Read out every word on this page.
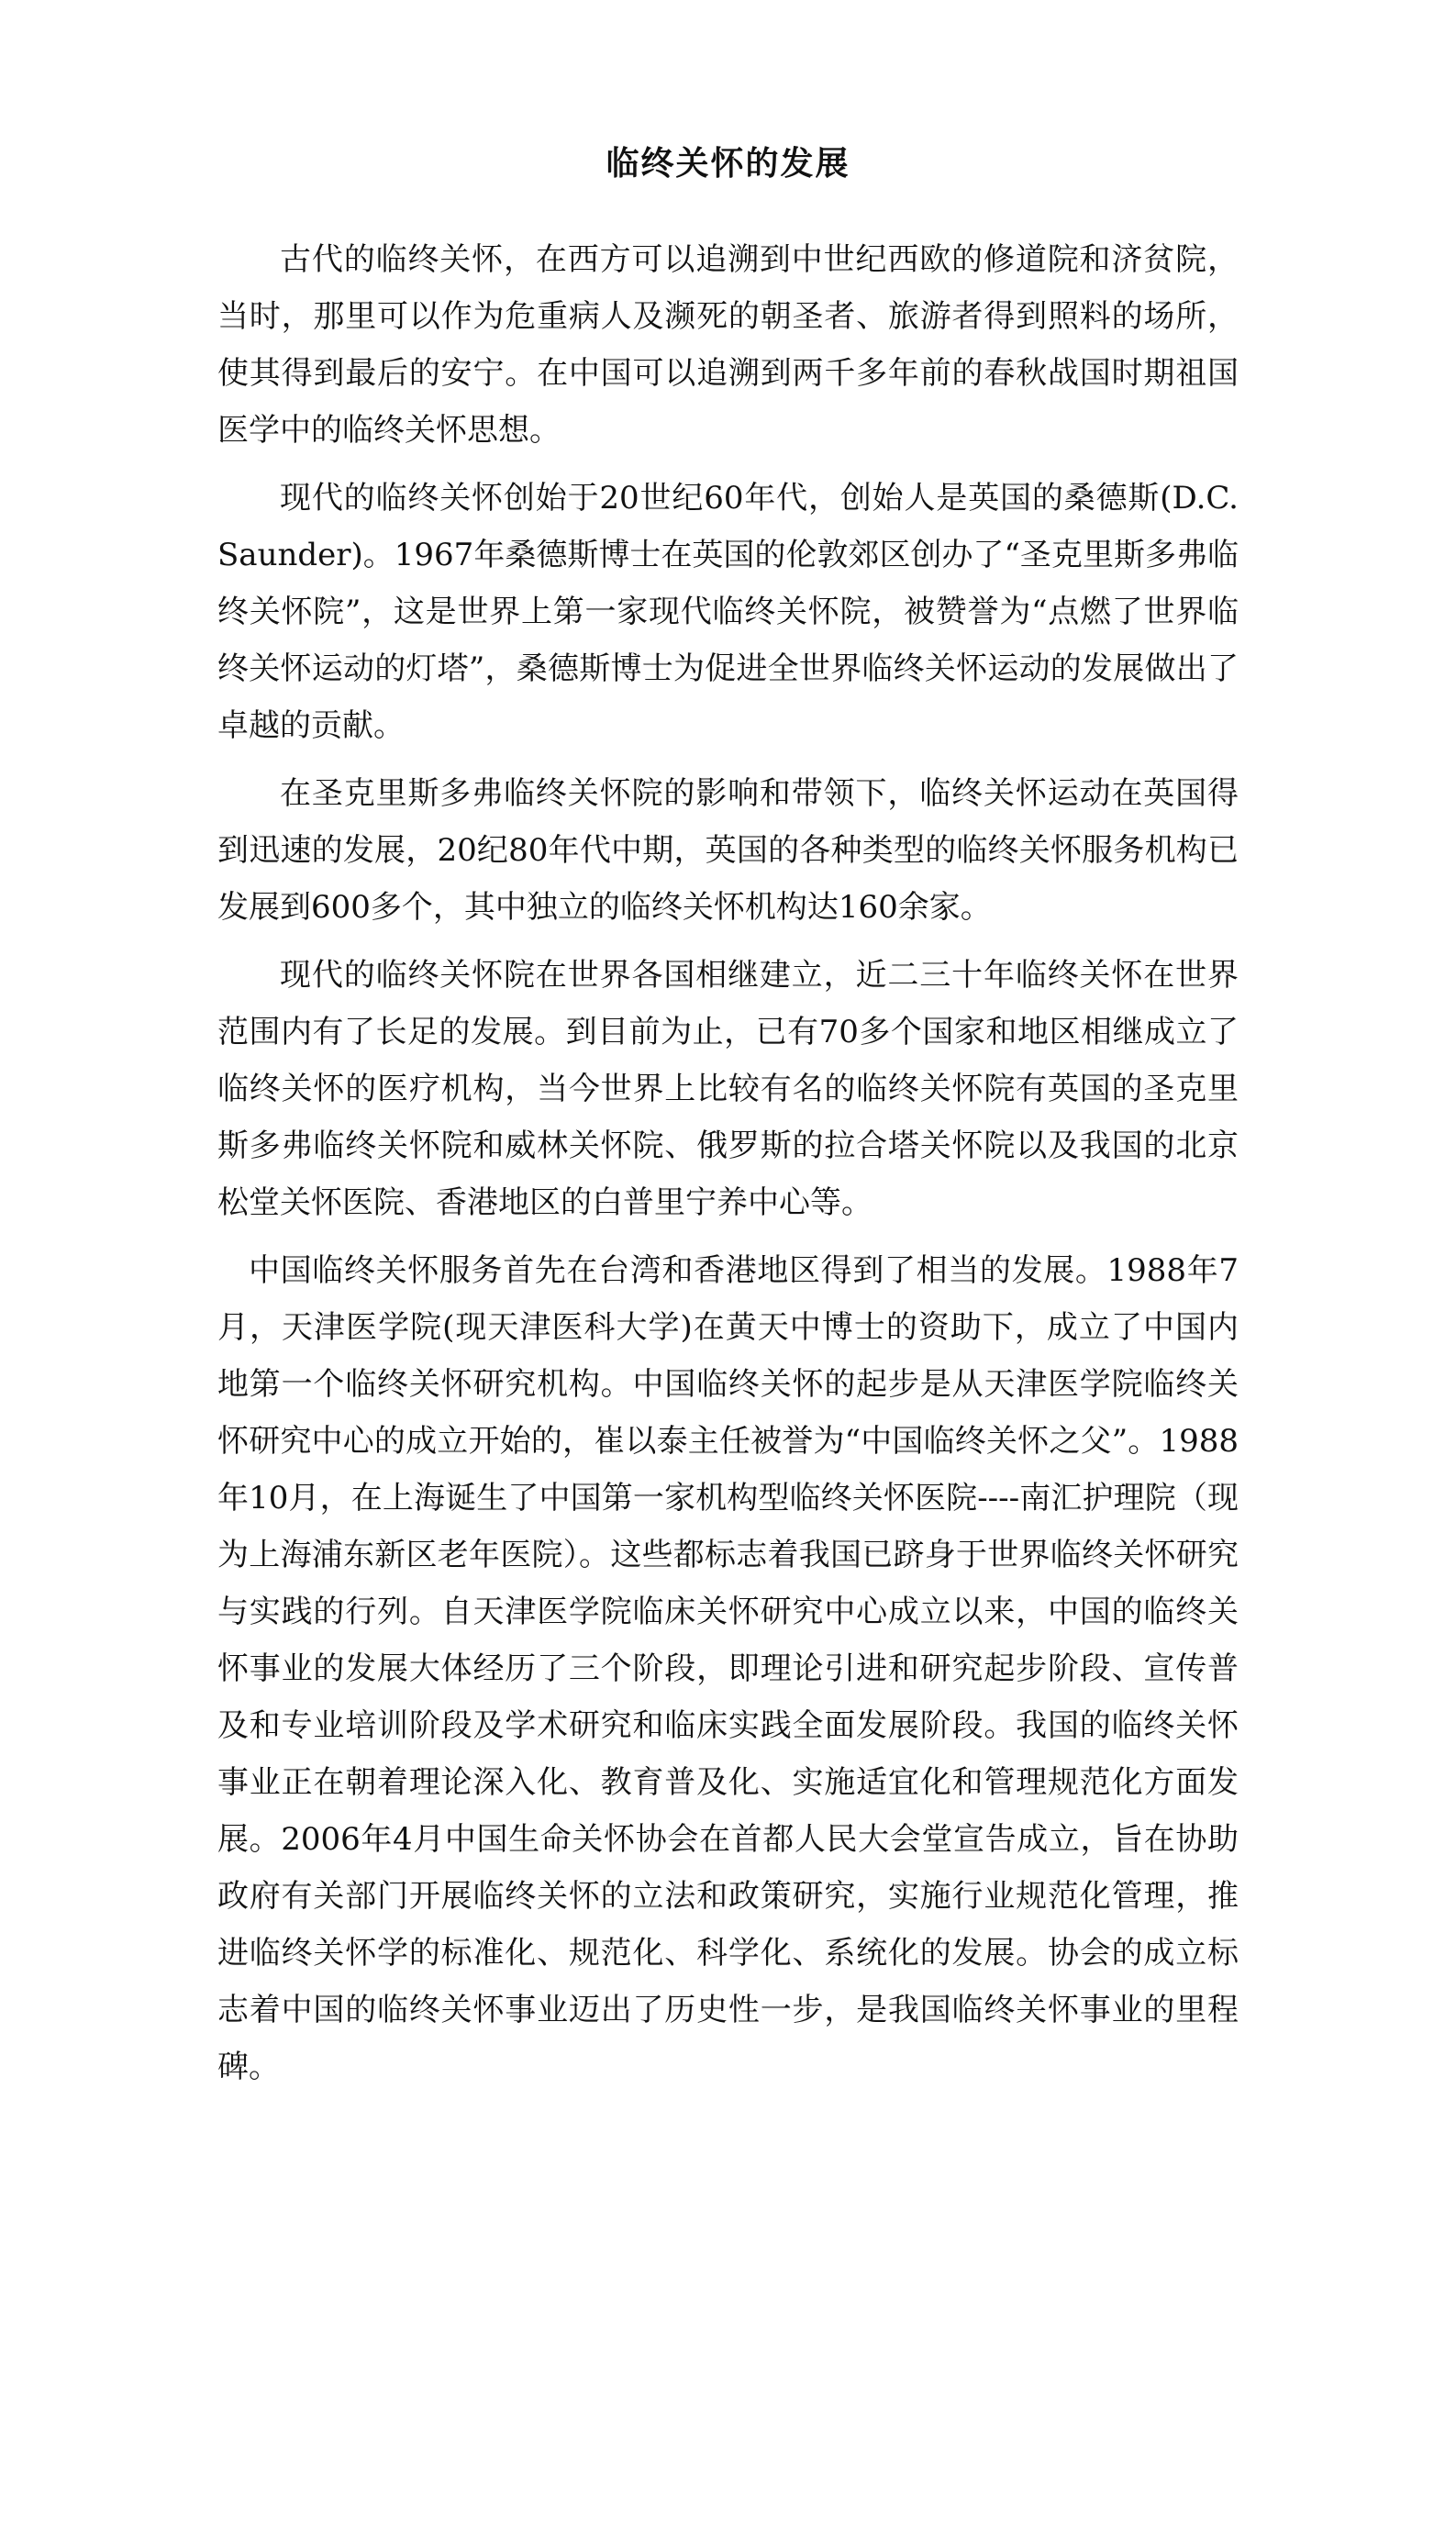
临终关怀的发展

古代的临终关怀，在西方可以追溯到中世纪西欧的修道院和济贫院，当时，那里可以作为危重病人及濒死的朝圣者、旅游者得到照料的场所，使其得到最后的安宁。在中国可以追溯到两千多年前的春秋战国时期祖国医学中的临终关怀思想。

现代的临终关怀创始于20世纪60年代，创始人是英国的桑德斯(D.C.Saunder)。1967年桑德斯博士在英国的伦敦郊区创办了“圣克里斯多弗临终关怀院”，这是世界上第一家现代临终关怀院，被赞誉为“点燃了世界临终关怀运动的灯塔”，桑德斯博士为促进全世界临终关怀运动的发展做出了卓越的贡献。

在圣克里斯多弗临终关怀院的影响和带领下，临终关怀运动在英国得到迅速的发展，20纪80年代中期，英国的各种类型的临终关怀服务机构已发展到600多个，其中独立的临终关怀机构达160余家。

现代的临终关怀院在世界各国相继建立，近二三十年临终关怀在世界范围内有了长足的发展。到目前为止，已有70多个国家和地区相继成立了临终关怀的医疗机构，当今世界上比较有名的临终关怀院有英国的圣克里斯多弗临终关怀院和威林关怀院、俄罗斯的拉合塔关怀院以及我国的北京松堂关怀医院、香港地区的白普里宁养中心等。

中国临终关怀服务首先在台湾和香港地区得到了相当的发展。1988年7月，天津医学院(现天津医科大学)在黄天中博士的资助下，成立了中国内地第一个临终关怀研究机构。中国临终关怀的起步是从天津医学院临终关怀研究中心的成立开始的，崔以泰主任被誉为“中国临终关怀之父”。1988年10月，在上海诞生了中国第一家机构型临终关怀医院----南汇护理院（现为上海浦东新区老年医院）。这些都标志着我国已跻身于世界临终关怀研究与实践的行列。自天津医学院临床关怀研究中心成立以来，中国的临终关怀事业的发展大体经历了三个阶段，即理论引进和研究起步阶段、宣传普及和专业培训阶段及学术研究和临床实践全面发展阶段。我国的临终关怀事业正在朝着理论深入化、教育普及化、实施适宜化和管理规范化方面发展。2006年4月中国生命关怀协会在首都人民大会堂宣告成立，旨在协助政府有关部门开展临终关怀的立法和政策研究，实施行业规范化管理，推进临终关怀学的标准化、规范化、科学化、系统化的发展。协会的成立标志着中国的临终关怀事业迈出了历史性一步，是我国临终关怀事业的里程碑。
